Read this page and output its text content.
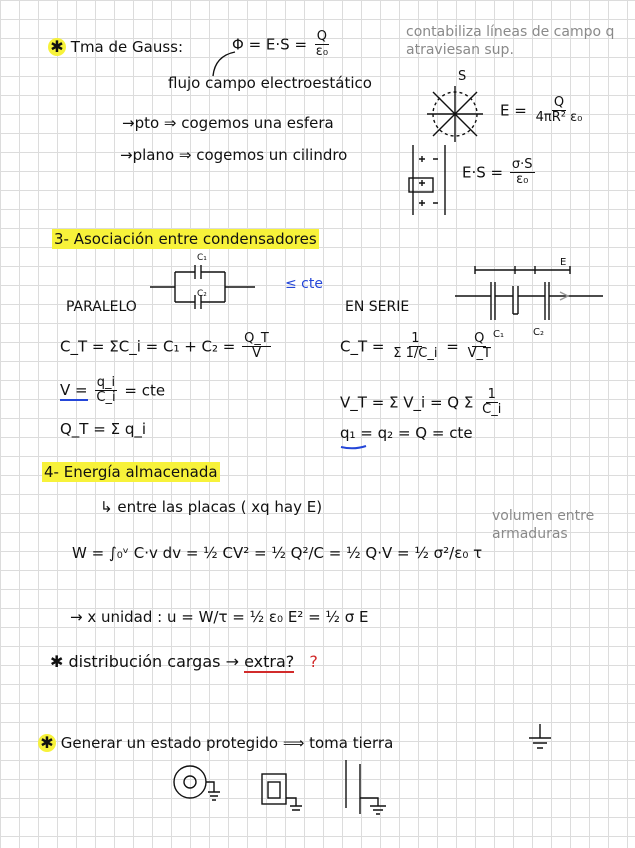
✱ Tma de Gauss:	$\Phi = E\cdot S = \frac{Q}{\text{ε₀}}$	contabiliza líneas de campo q atraviesan sup.
flujo campo electroestático
→pto ⇒ cogemos una esfera
→plano ⇒ cogemos un cilindro
S
$E = \frac{Q}{\text{4πR² ε₀}}$
$E\cdot S = \frac{\sigma\cdot S}{\text{ε₀}}$
3- Asociación entre condensadores
C₁
C₂
≤ cte
PARALELO
C_T = ΣC_i = $C_1 + C_2 = \frac{Q\_T}{V}$
$V = \frac{q\_i}{C\_i}$ = cte
Q_T = Σ q_i
E
C₁	C₂
EN SERIE
C_T = $\frac{1}{\Sigma 1/C\_i} = \frac{Q}{V\_T}$
V_T = Σ V_i = Q Σ $\frac{1}{C\_i}$
q₁ = q₂ = Q = cte
4- Energía almacenada
↳ entre las placas ( xq hay E)	volumen entre armaduras
W = ∫₀ᵛ C·v dv = ½ CV² = ½ Q²/C = ½ Q·V = ½ σ²/ε₀ τ
→ x unidad : u = W/τ = ½ ε₀ E² = ½ σ E
✱ distribución cargas → extra? ?
✱ Generar un estado protegido ⟹ toma tierra
